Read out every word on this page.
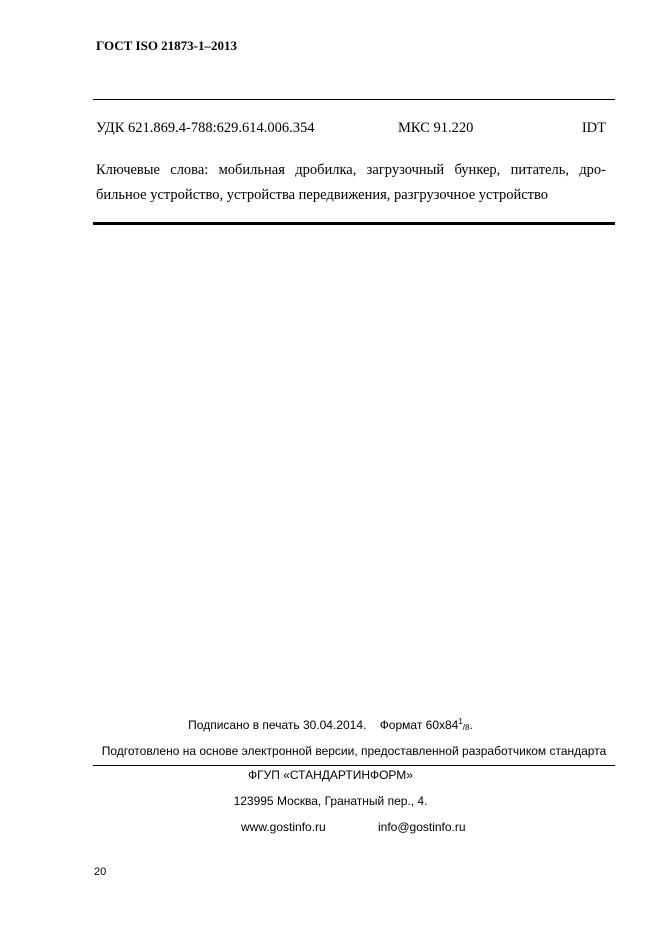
ГОСТ ISO 21873-1–2013
УДК 621.869.4-788:629.614.006.354	МКС 91.220	IDT
Ключевые слова: мобильная дробилка, загрузочный бункер, питатель, дро-
бильное устройство, устройства передвижения, разгрузочное устройство
Подписано в печать 30.04.2014. Формат $60x84^1_{/8}$.
Подготовлено на основе электронной версии, предоставленной разработчиком стандарта
ФГУП «СТАНДАРТИНФОРМ»
123995 Москва, Гранатный пер., 4.
www.gostinfo.ru	info@gostinfo.ru
20
